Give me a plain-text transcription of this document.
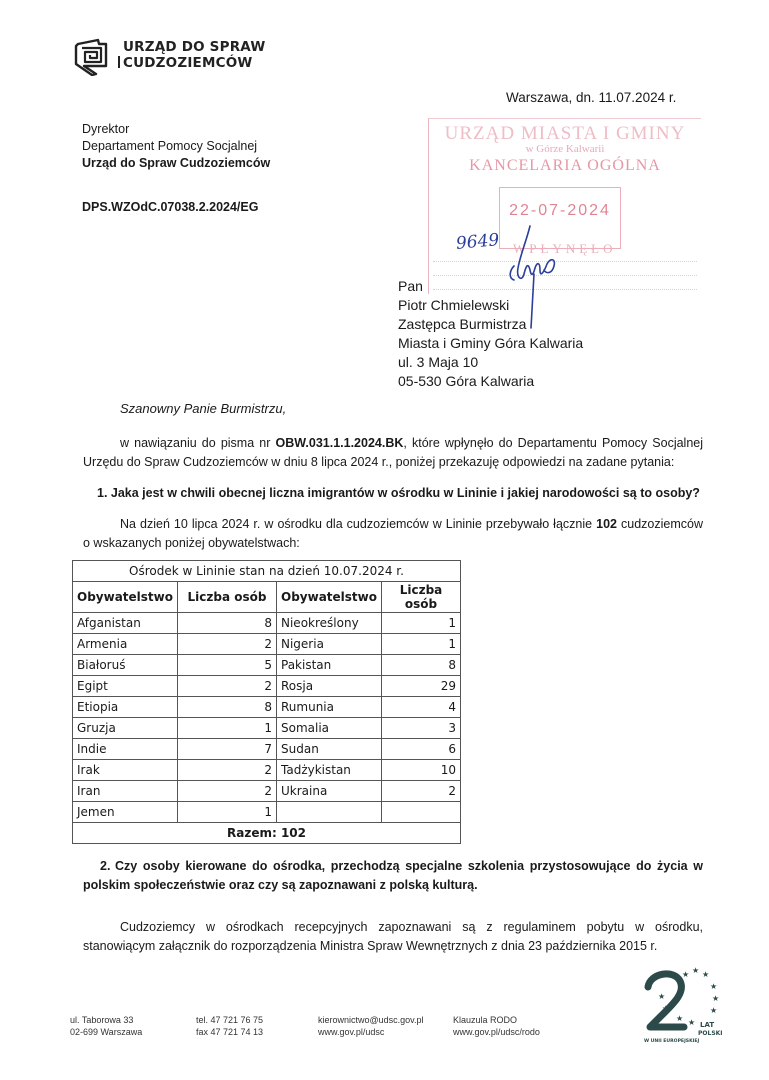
URZĄD DO SPRAW
CUDZOZIEMCÓW
Warszawa, dn. 11.07.2024 r.
Dyrektor
Departament Pomocy Socjalnej
Urząd do Spraw Cudzoziemców
DPS.WZOdC.07038.2.2024/EG
URZĄD MIASTA I GMINY
w Górze Kalwarii
KANCELARIA OGÓLNA
22-07-2024
WPŁYNĘŁO
9649
Pan
Piotr Chmielewski
Zastępca Burmistrza
Miasta i Gminy Góra Kalwaria
ul. 3 Maja 10
05-530 Góra Kalwaria
Szanowny Panie Burmistrzu,
w nawiązaniu do pisma nr OBW.031.1.1.2024.BK, które wpłynęło do Departamentu Pomocy Socjalnej Urzędu do Spraw Cudzoziemców w dniu 8 lipca 2024 r., poniżej przekazuję odpowiedzi na zadane pytania:
1. Jaka jest w chwili obecnej liczna imigrantów w ośrodku w Lininie i jakiej narodowości są to osoby?
Na dzień 10 lipca 2024 r. w ośrodku dla cudzoziemców w Lininie przebywało łącznie 102 cudzoziemców o wskazanych poniżej obywatelstwach:
Ośrodek w Lininie stan na dzień 10.07.2024 r.			
Obywatelstwo	Liczba osób	Obywatelstwo	Liczba osób
Afganistan	8	Nieokreślony	1
Armenia	2	Nigeria	1
Białoruś	5	Pakistan	8
Egipt	2	Rosja	29
Etiopia	8	Rumunia	4
Gruzja	1	Somalia	3
Indie	7	Sudan	6
Irak	2	Tadżykistan	10
Iran	2	Ukraina	2
Jemen	1		
Razem: 102			
2. Czy osoby kierowane do ośrodka, przechodzą specjalne szkolenia przystosowujące do życia w polskim społeczeństwie oraz czy są zapoznawani z polską kulturą.
Cudzoziemcy w ośrodkach recepcyjnych zapoznawani są z regulaminem pobytu w ośrodku, stanowiącym załącznik do rozporządzenia Ministra Spraw Wewnętrznych z dnia 23 października 2015 r.
ul. Taborowa 33
02-699 Warszawa
tel. 47 721 76 75
fax 47 721 74 13
kierownictwo@udsc.gov.pl
www.gov.pl/udsc
Klauzula RODO
www.gov.pl/udsc/rodo
★ ★ ★
★
★
★
★
★
★ ★ LAT
POLSKI
W UNII EUROPEJSKIEJ
